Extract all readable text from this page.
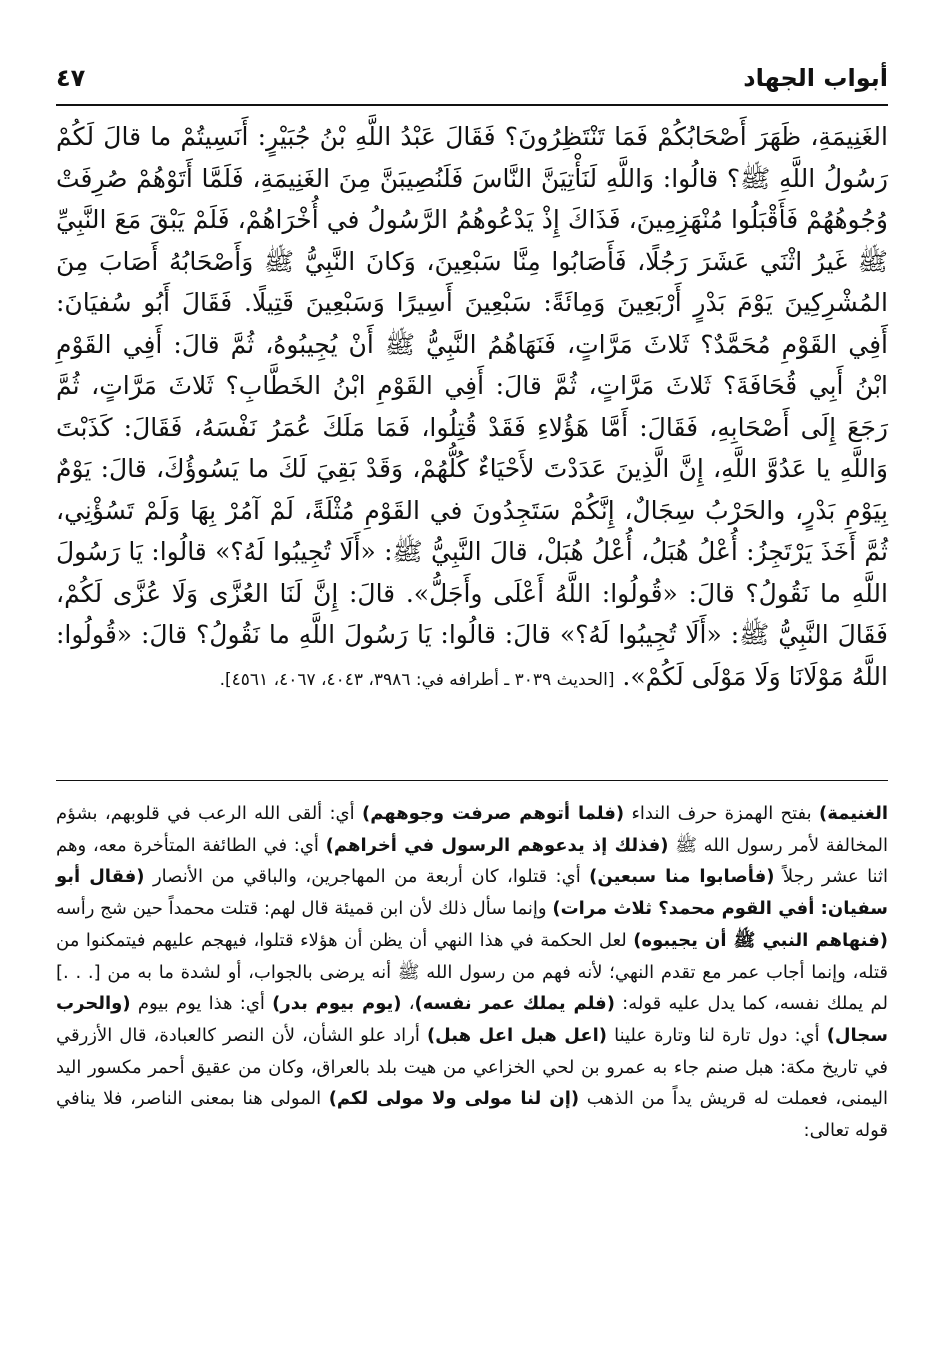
أبواب الجهاد
٤٧

الغَنِيمَةِ، ظَهَرَ أَصْحَابُكُمْ فَمَا تَنْتَظِرُونَ؟ فَقَالَ عَبْدُ اللَّهِ بْنُ جُبَيْرٍ: أَنَسِيتُمْ ما قالَ لَكُمْ رَسُولُ اللَّهِ ﷺ؟ قالُوا: وَاللَّهِ لَنَأْتِيَنَّ النَّاسَ فَلَنُصِيبَنَّ مِنَ الغَنِيمَةِ، فَلَمَّا أَتَوْهُمْ صُرِفَتْ وُجُوهُهُمْ فَأَقْبَلُوا مُنْهَزِمِينَ، فَذَاكَ إِذْ يَدْعُوهُمُ الرَّسُولُ في أُخْرَاهُمْ، فَلَمْ يَبْقَ مَعَ النَّبِيِّ ﷺ غَيرُ اثْنَي عَشَرَ رَجُلًا، فَأَصَابُوا مِنَّا سَبْعِينَ، وَكانَ النَّبِيُّ ﷺ وَأَصْحَابُهُ أَصَابَ مِنَ المُشْرِكِينَ يَوْمَ بَدْرٍ أَرْبَعِينَ وَمِائَةً: سَبْعِينَ أَسِيرًا وَسَبْعِينَ قَتِيلًا. فَقَالَ أَبُو سُفيَانَ: أَفِي القَوْمِ مُحَمَّدٌ؟ ثَلاثَ مَرَّاتٍ، فَنَهَاهُمُ النَّبِيُّ ﷺ أَنْ يُجِيبُوهُ، ثُمَّ قالَ: أَفِي القَوْمِ ابْنُ أَبِي قُحَافَةَ؟ ثَلاثَ مَرَّاتٍ، ثُمَّ قالَ: أَفِي القَوْمِ ابْنُ الخَطَّابِ؟ ثَلاثَ مَرَّاتٍ، ثُمَّ رَجَعَ إِلَى أَصْحَابِهِ، فَقَالَ: أَمَّا هَؤُلاءِ فَقَدْ قُتِلُوا، فَمَا مَلَكَ عُمَرُ نَفْسَهُ، فَقَالَ: كَذَبْتَ وَاللَّهِ يا عَدُوَّ اللَّهِ، إِنَّ الَّذِينَ عَدَدْتَ لأَحْيَاءٌ كُلُّهُمْ، وَقَدْ بَقِيَ لَكَ ما يَسُوؤُكَ، قالَ: يَوْمٌ بِيَوْمِ بَدْرٍ، والحَرْبُ سِجَالٌ، إِنَّكُمْ سَتَجِدُونَ في القَوْمِ مُثْلَةً، لَمْ آمُرْ بِهَا وَلَمْ تَسُؤْنِي، ثُمَّ أَخَذَ يَرْتَجِزُ: أُعْلُ هُبَلُ، أُعْلُ هُبَلْ، قالَ النَّبِيُّ ﷺ: «أَلَا تُجِيبُوا لَهُ؟» قالُوا: يَا رَسُولَ اللَّهِ ما نَقُولُ؟ قالَ: «قُولُوا: اللَّهُ أَعْلَى وأَجَلُّ». قالَ: إِنَّ لَنَا العُزَّى وَلَا عُزَّى لَكُمْ، فَقَالَ النَّبِيُّ ﷺ: «أَلَا تُجِيبُوا لَهُ؟» قالَ: قالُوا: يَا رَسُولَ اللَّهِ ما نَقُولُ؟ قالَ: «قُولُوا: اللَّهُ مَوْلَانَا وَلَا مَوْلَى لَكُمْ». [الحديث ٣٠٣٩ ـ أطرافه في: ٣٩٨٦، ٤٠٤٣، ٤٠٦٧، ٤٥٦١].

الغنيمة) بفتح الهمزة حرف النداء (فلما أتوهم صرفت وجوههم) أي: ألقى الله الرعب في قلوبهم، بشؤم المخالفة لأمر رسول الله ﷺ (فذلك إذ يدعوهم الرسول في أخراهم) أي: في الطائفة المتأخرة معه، وهم اثنا عشر رجلاً (فأصابوا منا سبعين) أي: قتلوا، كان أربعة من المهاجرين، والباقي من الأنصار (فقال أبو سفيان: أفي القوم محمد؟ ثلاث مرات) وإنما سأل ذلك لأن ابن قميئة قال لهم: قتلت محمداً حين شج رأسه (فنهاهم النبي ﷺ أن يجيبوه) لعل الحكمة في هذا النهي أن يظن أن هؤلاء قتلوا، فيهجم عليهم فيتمكنوا من قتله، وإنما أجاب عمر مع تقدم النهي؛ لأنه فهم من رسول الله ﷺ أنه يرضى بالجواب، أو لشدة ما به من [. . .] لم يملك نفسه، كما يدل عليه قوله: (فلم يملك عمر نفسه)، (يوم بيوم بدر) أي: هذا يوم بيوم (والحرب سجال) أي: دول تارة لنا وتارة علينا (اعل هبل اعل هبل) أراد علو الشأن، لأن النصر كالعبادة، قال الأزرقي في تاريخ مكة: هبل صنم جاء به عمرو بن لحي الخزاعي من هيت بلد بالعراق، وكان من عقيق أحمر مكسور اليد اليمنى، فعملت له قريش يداً من الذهب (إن لنا مولى ولا مولى لكم) المولى هنا بمعنى الناصر، فلا ينافي قوله تعالى:
